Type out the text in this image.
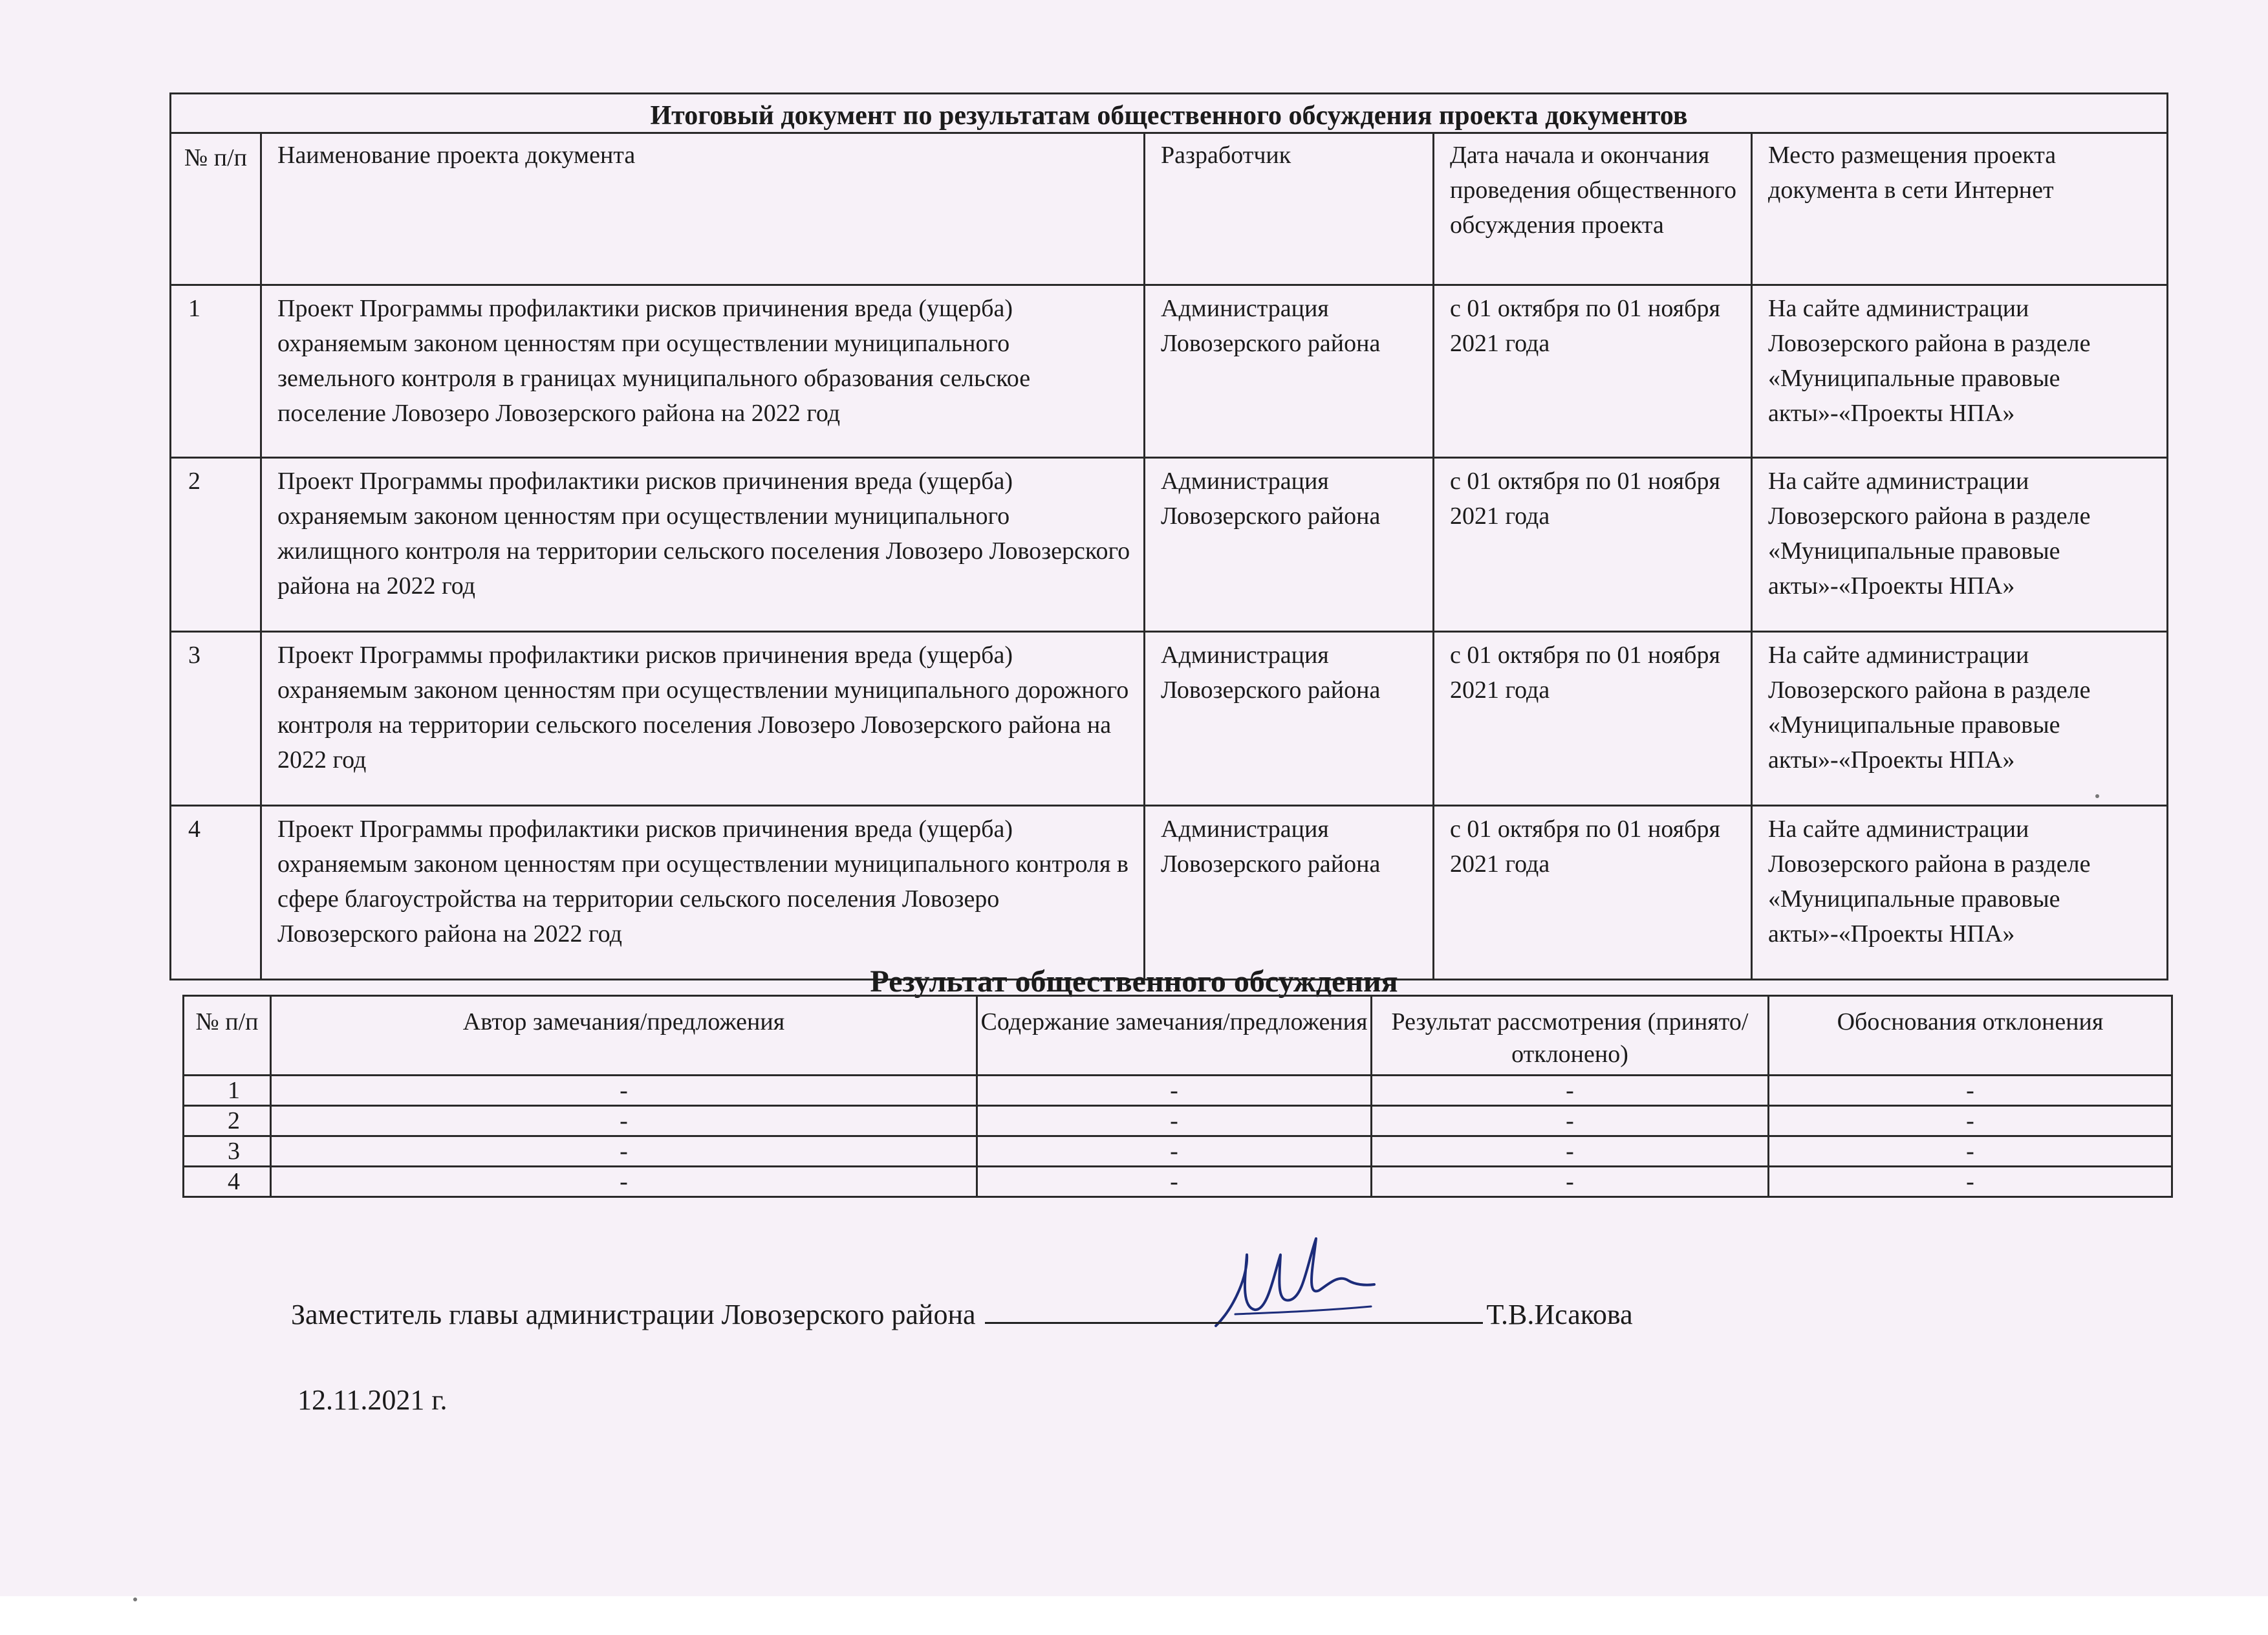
Итоговый документ по результатам общественного обсуждения проекта документов				
№ п/п	Наименование проекта документа	Разработчик	Дата начала и окончания проведения общественного обсуждения проекта	Место размещения проекта документа в сети Интернет
1	Проект Программы профилактики рисков причинения вреда (ущерба) охраняемым законом ценностям при осуществлении муниципального земельного контроля в границах муниципального образования сельское поселение Ловозеро Ловозерского района на 2022 год	Администрация Ловозерского района	с 01 октября по 01 ноября 2021 года	На сайте администрации Ловозерского района в разделе «Муниципальные правовые акты»-«Проекты НПА»
2	Проект Программы профилактики рисков причинения вреда (ущерба) охраняемым законом ценностям при осуществлении муниципального жилищного контроля на территории сельского поселения Ловозеро Ловозерского района на 2022 год	Администрация Ловозерского района	с 01 октября по 01 ноября 2021 года	На сайте администрации Ловозерского района в разделе «Муниципальные правовые акты»-«Проекты НПА»
3	Проект Программы профилактики рисков причинения вреда (ущерба) охраняемым законом ценностям при осуществлении муниципального дорожного контроля на территории сельского поселения Ловозеро Ловозерского района на 2022 год	Администрация Ловозерского района	с 01 октября по 01 ноября 2021 года	На сайте администрации Ловозерского района в разделе «Муниципальные правовые акты»-«Проекты НПА»
4	Проект Программы профилактики рисков причинения вреда (ущерба) охраняемым законом ценностям при осуществлении муниципального контроля в сфере благоустройства на территории сельского поселения Ловозеро Ловозерского района на 2022 год	Администрация Ловозерского района	с 01 октября по 01 ноября 2021 года	На сайте администрации Ловозерского района в разделе «Муниципальные правовые акты»-«Проекты НПА»
Результат общественного обсуждения
№ п/п	Автор замечания/предложения	Содержание замечания/предложения	Результат рассмотрения (принято/отклонено)	Обоснования отклонения
1	-	-	-	-
2	-	-	-	-
3	-	-	-	-
4	-	-	-	-
Заместитель главы администрации Ловозерского района	Т.В.Исакова
12.11.2021 г.
